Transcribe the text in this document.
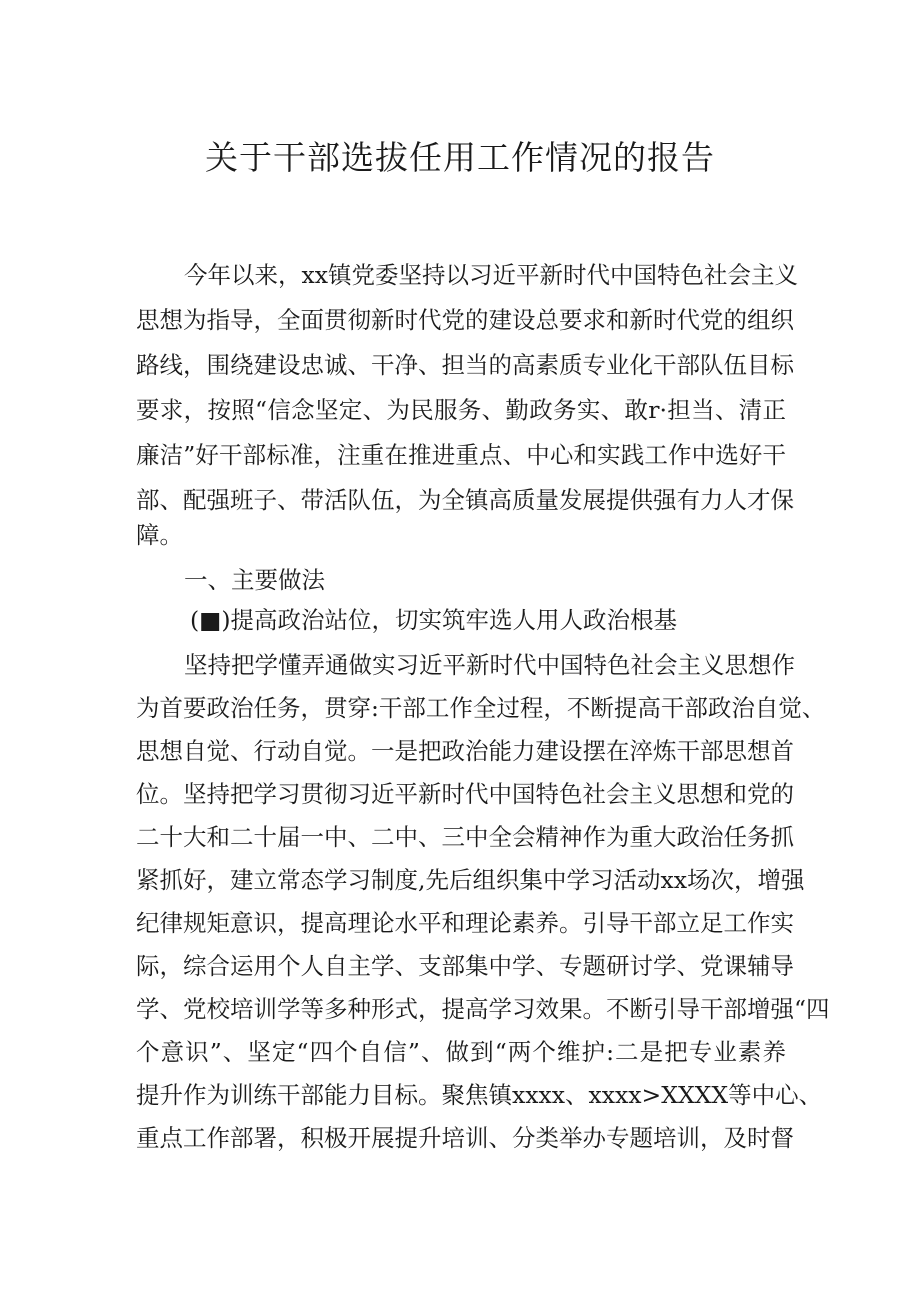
关于干部选拔任用工作情况的报告
今年以来，xx镇党委坚持以习近平新时代中国特色社会主义
思想为指导，全面贯彻新时代党的建设总要求和新时代党的组织
路线，围绕建设忠诚、干净、担当的高素质专业化干部队伍目标
要求，按照“信念坚定、为民服务、勤政务实、敢r·担当、清正
廉洁”好干部标准，注重在推进重点、中心和实践工作中选好干
部、配强班子、带活队伍，为全镇高质量发展提供强有力人才保
障。
一、主要做法
(■)提高政治站位，切实筑牢选人用人政治根基
坚持把学懂弄通做实习近平新时代中国特色社会主义思想作
为首要政治任务，贯穿:干部工作全过程，不断提高干部政治自觉、
思想自觉、行动自觉。一是把政治能力建设摆在淬炼干部思想首
位。坚持把学习贯彻习近平新时代中国特色社会主义思想和党的
二十大和二十届一中、二中、三中全会精神作为重大政治任务抓
紧抓好，建立常态学习制度,先后组织集中学习活动xx场次，增强
纪律规矩意识，提高理论水平和理论素养。引导干部立足工作实
际，综合运用个人自主学、支部集中学、专题研讨学、党课辅导
学、党校培训学等多种形式，提高学习效果。不断引导干部增强“四
个意识”、坚定“四个自信”、做到“两个维护:二是把专业素养
提升作为训练干部能力目标。聚焦镇xxxx、xxxx>XXXX等中心、
重点工作部署，积极开展提升培训、分类举办专题培训，及时督
